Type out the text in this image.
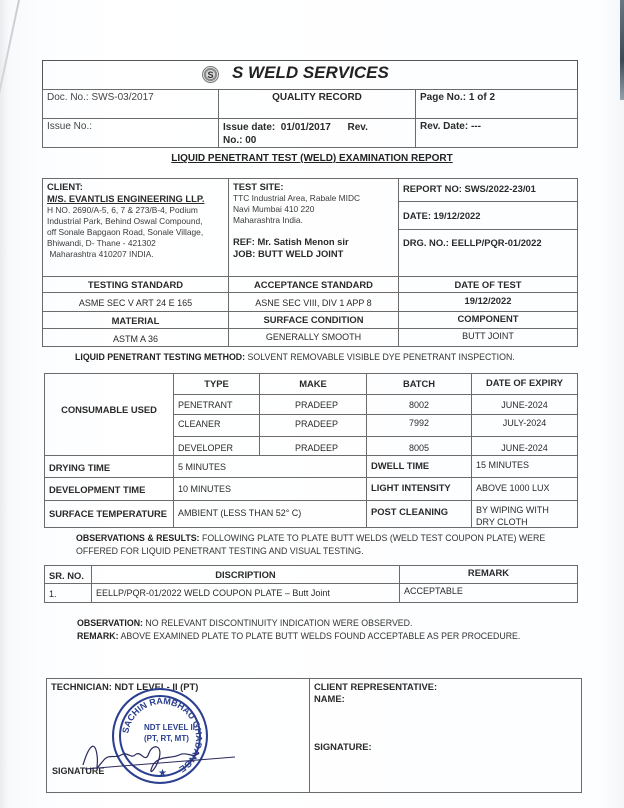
S	S WELD SERVICES
Doc. No.: SWS-03/2017	QUALITY RECORD	Page No.: 1 of 2
Issue No.:	Issue date:  01/01/2017      Rev.
No.: 00
Rev. Date: ---
LIQUID PENETRANT TEST (WELD) EXAMINATION REPORT
CLIENT:
M/S. EVANTLIS ENGINEERING LLP.
H NO. 2690/A-5, 6, 7 & 273/B-4, Podium
Industrial Park, Behind Oswal Compound,
off Sonale Bapgaon Road, Sonale Village,
Bhiwandi, D- Thane - 421302
Maharashtra 410207 INDIA.
TEST SITE:
TTC Industrial Area, Rabale MIDC
Navi Mumbai 410 220
Maharashtra India.
REF: Mr. Satish Menon sir
JOB: BUTT WELD JOINT
REPORT NO: SWS/2022-23/01
DATE: 19/12/2022
DRG. NO.: EELLP/PQR-01/2022
TESTING STANDARD	ACCEPTANCE STANDARD	DATE OF TEST
ASME SEC V ART 24 E 165	ASNE SEC VIII, DIV 1 APP 8	19/12/2022
MATERIAL	SURFACE CONDITION	COMPONENT
ASTM A 36	GENERALLY SMOOTH	BUTT JOINT
LIQUID PENETRANT TESTING METHOD: SOLVENT REMOVABLE VISIBLE DYE PENETRANT INSPECTION.
CONSUMABLE USED
TYPE	MAKE	BATCH	DATE OF EXPIRY
PENETRANT	PRADEEP	8002	JUNE-2024
CLEANER	PRADEEP	7992	JULY-2024
DEVELOPER	PRADEEP	8005	JUNE-2024
DRYING TIME	5 MINUTES	DWELL TIME	15 MINUTES
DEVELOPMENT TIME	10 MINUTES	LIGHT INTENSITY	ABOVE 1000 LUX
SURFACE TEMPERATURE	AMBIENT (LESS THAN 52° C)	POST CLEANING	BY WIPING WITH
DRY CLOTH
OBSERVATIONS & RESULTS: FOLLOWING PLATE TO PLATE BUTT WELDS (WELD TEST COUPON PLATE) WERE
OFFERED FOR LIQUID PENETRANT TESTING AND VISUAL TESTING.
SR. NO.	DISCRIPTION	REMARK
1.	EELLP/PQR-01/2022 WELD COUPON PLATE – Butt Joint	ACCEPTABLE
OBSERVATION: NO RELEVANT DISCONTINUITY INDICATION WERE OBSERVED.
REMARK: ABOVE EXAMINED PLATE TO PLATE BUTT WELDS FOUND ACCEPTABLE AS PER PROCEDURE.
TECHNICIAN: NDT LEVEL- II (PT)
SIGNATURE
SACHIN RAMBHAU GHADANGE
NDT LEVEL II
(PT, RT, MT)
★
CLIENT REPRESENTATIVE:
NAME:
SIGNATURE:
